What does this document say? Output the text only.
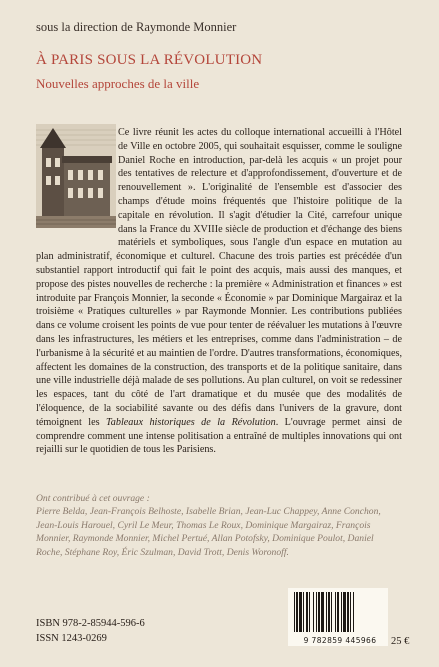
sous la direction de Raymonde Monnier
À PARIS SOUS LA RÉVOLUTION
Nouvelles approches de la ville
Ce livre réunit les actes du colloque international accueilli à l'Hôtel de Ville en octobre 2005, qui souhaitait esquisser, comme le souligne Daniel Roche en introduction, par-delà les acquis « un projet pour des tentatives de relecture et d'approfondissement, d'ouverture et de renouvellement ». L'originalité de l'ensemble est d'associer des champs d'étude moins fréquentés que l'histoire politique de la capitale en révolution. Il s'agit d'étudier la Cité, carrefour unique dans la France du XVIIIe siècle de production et d'échange des biens matériels et symboliques, sous l'angle d'un espace en mutation au plan administratif, économique et culturel. Chacune des trois parties est précédée d'un substantiel rapport introductif qui fait le point des acquis, mais aussi des manques, et propose des pistes nouvelles de recherche : la première « Administration et finances » est introduite par François Monnier, la seconde « Économie » par Dominique Margairaz et la troisième « Pratiques culturelles » par Raymonde Monnier. Les contributions publiées dans ce volume croisent les points de vue pour tenter de réévaluer les mutations à l'œuvre dans les infrastructures, les métiers et les entreprises, comme dans l'administration – de l'urbanisme à la sécurité et au maintien de l'ordre. D'autres transformations, économiques, affectent les domaines de la construction, des transports et de la politique sanitaire, dans une ville industrielle déjà malade de ses pollutions. Au plan culturel, on voit se redessiner les espaces, tant du côté de l'art dramatique et du musée que des modalités de l'éloquence, de la sociabilité savante ou des défis dans l'univers de la gravure, dont témoignent les Tableaux historiques de la Révolution. L'ouvrage permet ainsi de comprendre comment une intense politisation a entraîné de multiples innovations qui ont rejailli sur le quotidien de tous les Parisiens.
Ont contribué à cet ouvrage :
Pierre Belda, Jean-François Belhoste, Isabelle Brian, Jean-Luc Chappey, Anne Conchon, Jean-Louis Harouel, Cyril Le Meur, Thomas Le Roux, Dominique Margairaz, François Monnier, Raymonde Monnier, Michel Pertué, Allan Potofsky, Dominique Poulot, Daniel Roche, Stéphane Roy, Éric Szulman, David Trott, Denis Woronoff.
ISBN 978-2-85944-596-6
ISSN 1243-0269	9 782859 445966	25 €
